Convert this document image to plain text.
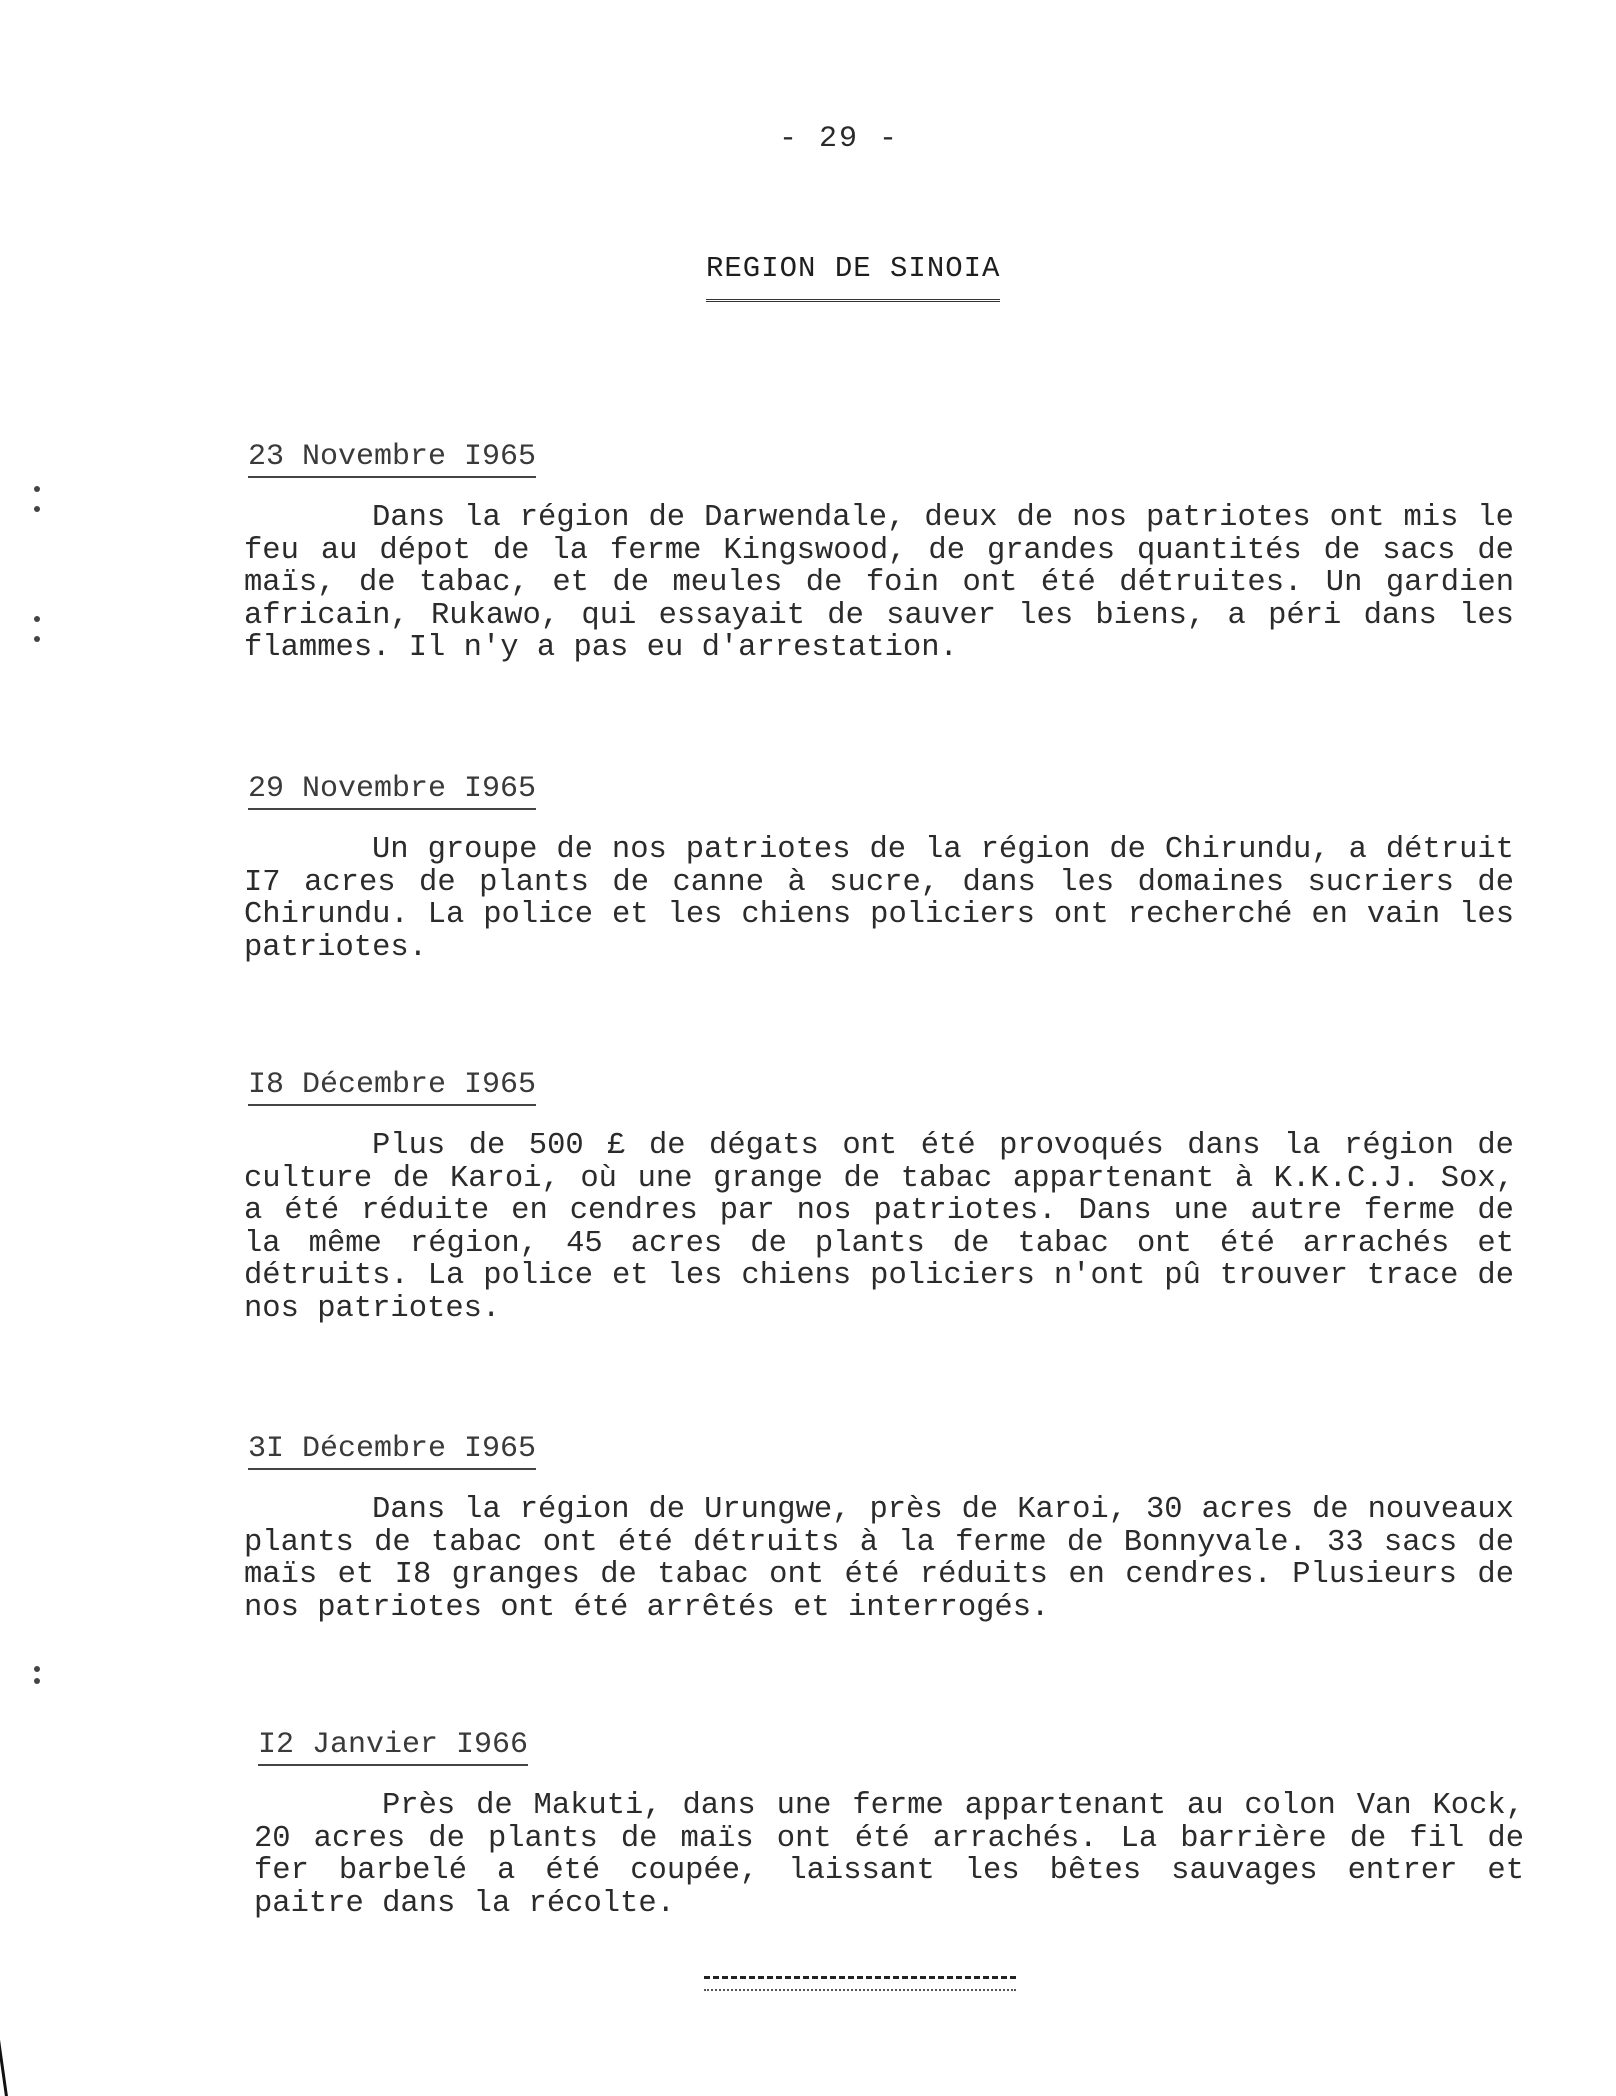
- 29 -
REGION DE SINOIA
23 Novembre I965
Dans la région de Darwendale, deux de nos patriotes ont mis le feu au dépot de la ferme Kingswood, de grandes quantités de sacs de maïs, de tabac, et de meules de foin ont été détruites. Un gardien africain, Rukawo, qui essayait de sauver les biens, a péri dans les flammes. Il n'y a pas eu d'arrestation.
29 Novembre I965
Un groupe de nos patriotes de la région de Chirundu, a détruit I7 acres de plants de canne à sucre, dans les domaines sucriers de Chirundu. La police et les chiens policiers ont recherché en vain les patriotes.
I8 Décembre I965
Plus de 500 £ de dégats ont été provoqués dans la région de culture de Karoi, où une grange de tabac appartenant à K.K.C.J. Sox, a été réduite en cendres par nos patriotes. Dans une autre ferme de la même région, 45 acres de plants de tabac ont été arrachés et détruits. La police et les chiens policiers n'ont pû trouver trace de nos patriotes.
3I Décembre I965
Dans la région de Urungwe, près de Karoi, 30 acres de nouveaux plants de tabac ont été détruits à la ferme de Bonnyvale. 33 sacs de maïs et I8 granges de tabac ont été réduits en cendres. Plusieurs de nos patriotes ont été arrêtés et interrogés.
I2 Janvier I966
Près de Makuti, dans une ferme appartenant au colon Van Kock, 20 acres de plants de maïs ont été arrachés. La barrière de fil de fer barbelé a été coupée, laissant les bêtes sauvages entrer et paitre dans la récolte.
